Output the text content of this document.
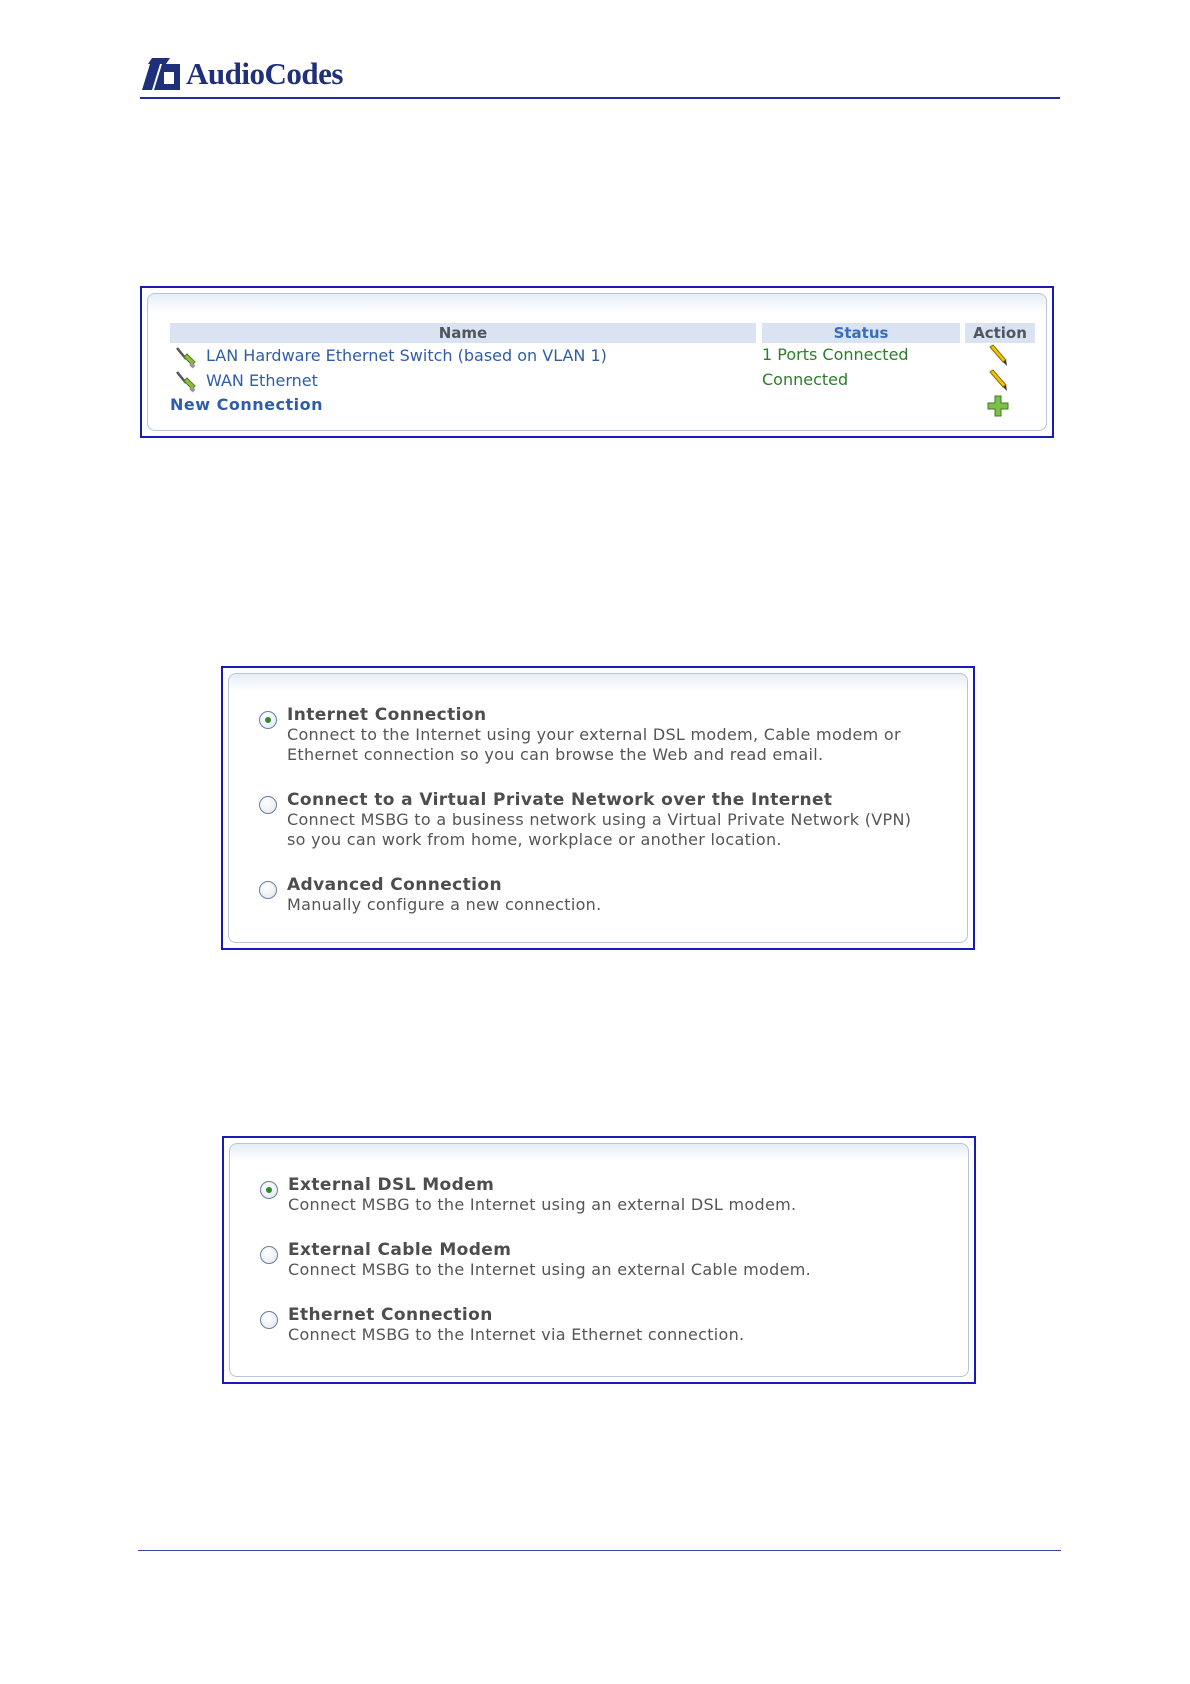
AudioCodes
Name	Status	Action
LAN Hardware Ethernet Switch (based on VLAN 1)	1 Ports Connected
WAN Ethernet	Connected
New Connection
Internet Connection
Connect to the Internet using your external DSL modem, Cable modem or
Ethernet connection so you can browse the Web and read email.
Connect to a Virtual Private Network over the Internet
Connect MSBG to a business network using a Virtual Private Network (VPN)
so you can work from home, workplace or another location.
Advanced Connection
Manually configure a new connection.
External DSL Modem
Connect MSBG to the Internet using an external DSL modem.
External Cable Modem
Connect MSBG to the Internet using an external Cable modem.
Ethernet Connection
Connect MSBG to the Internet via Ethernet connection.
